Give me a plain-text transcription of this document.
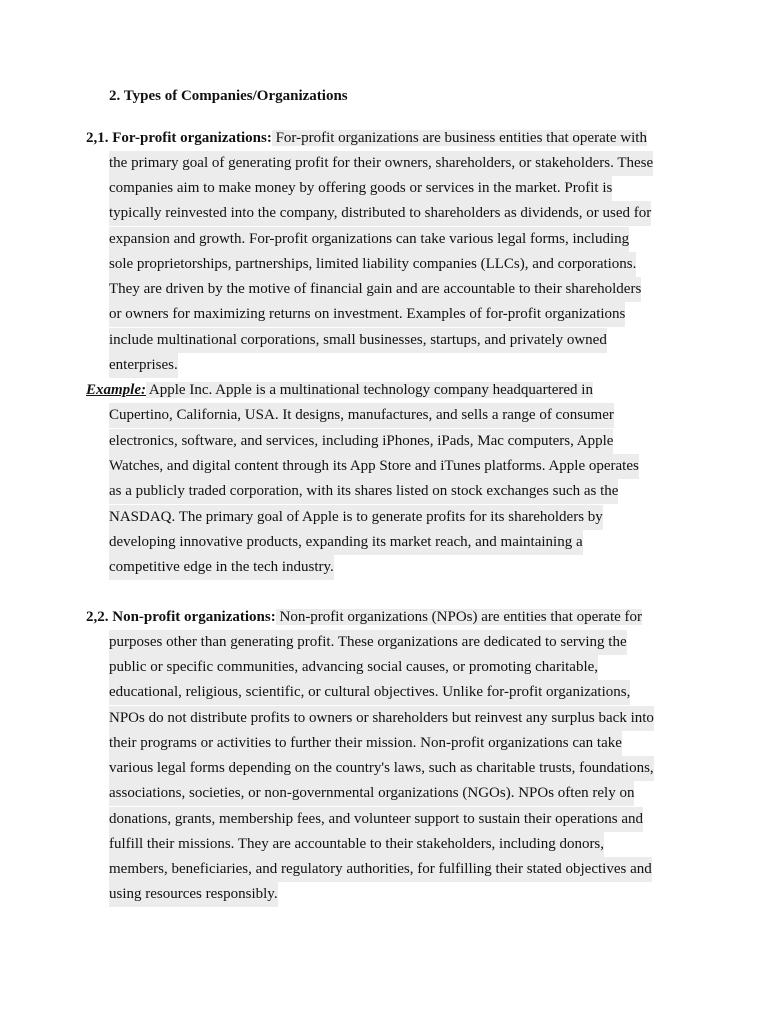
2. Types of Companies/Organizations
2,1. For-profit organizations: For-profit organizations are business entities that operate with
the primary goal of generating profit for their owners, shareholders, or stakeholders. These
companies aim to make money by offering goods or services in the market. Profit is
typically reinvested into the company, distributed to shareholders as dividends, or used for
expansion and growth. For-profit organizations can take various legal forms, including
sole proprietorships, partnerships, limited liability companies (LLCs), and corporations.
They are driven by the motive of financial gain and are accountable to their shareholders
or owners for maximizing returns on investment. Examples of for-profit organizations
include multinational corporations, small businesses, startups, and privately owned
enterprises.
Example: Apple Inc. Apple is a multinational technology company headquartered in
Cupertino, California, USA. It designs, manufactures, and sells a range of consumer
electronics, software, and services, including iPhones, iPads, Mac computers, Apple
Watches, and digital content through its App Store and iTunes platforms. Apple operates
as a publicly traded corporation, with its shares listed on stock exchanges such as the
NASDAQ. The primary goal of Apple is to generate profits for its shareholders by
developing innovative products, expanding its market reach, and maintaining a
competitive edge in the tech industry.
2,2. Non-profit organizations: Non-profit organizations (NPOs) are entities that operate for
purposes other than generating profit. These organizations are dedicated to serving the
public or specific communities, advancing social causes, or promoting charitable,
educational, religious, scientific, or cultural objectives. Unlike for-profit organizations,
NPOs do not distribute profits to owners or shareholders but reinvest any surplus back into
their programs or activities to further their mission. Non-profit organizations can take
various legal forms depending on the country's laws, such as charitable trusts, foundations,
associations, societies, or non-governmental organizations (NGOs). NPOs often rely on
donations, grants, membership fees, and volunteer support to sustain their operations and
fulfill their missions. They are accountable to their stakeholders, including donors,
members, beneficiaries, and regulatory authorities, for fulfilling their stated objectives and
using resources responsibly.
